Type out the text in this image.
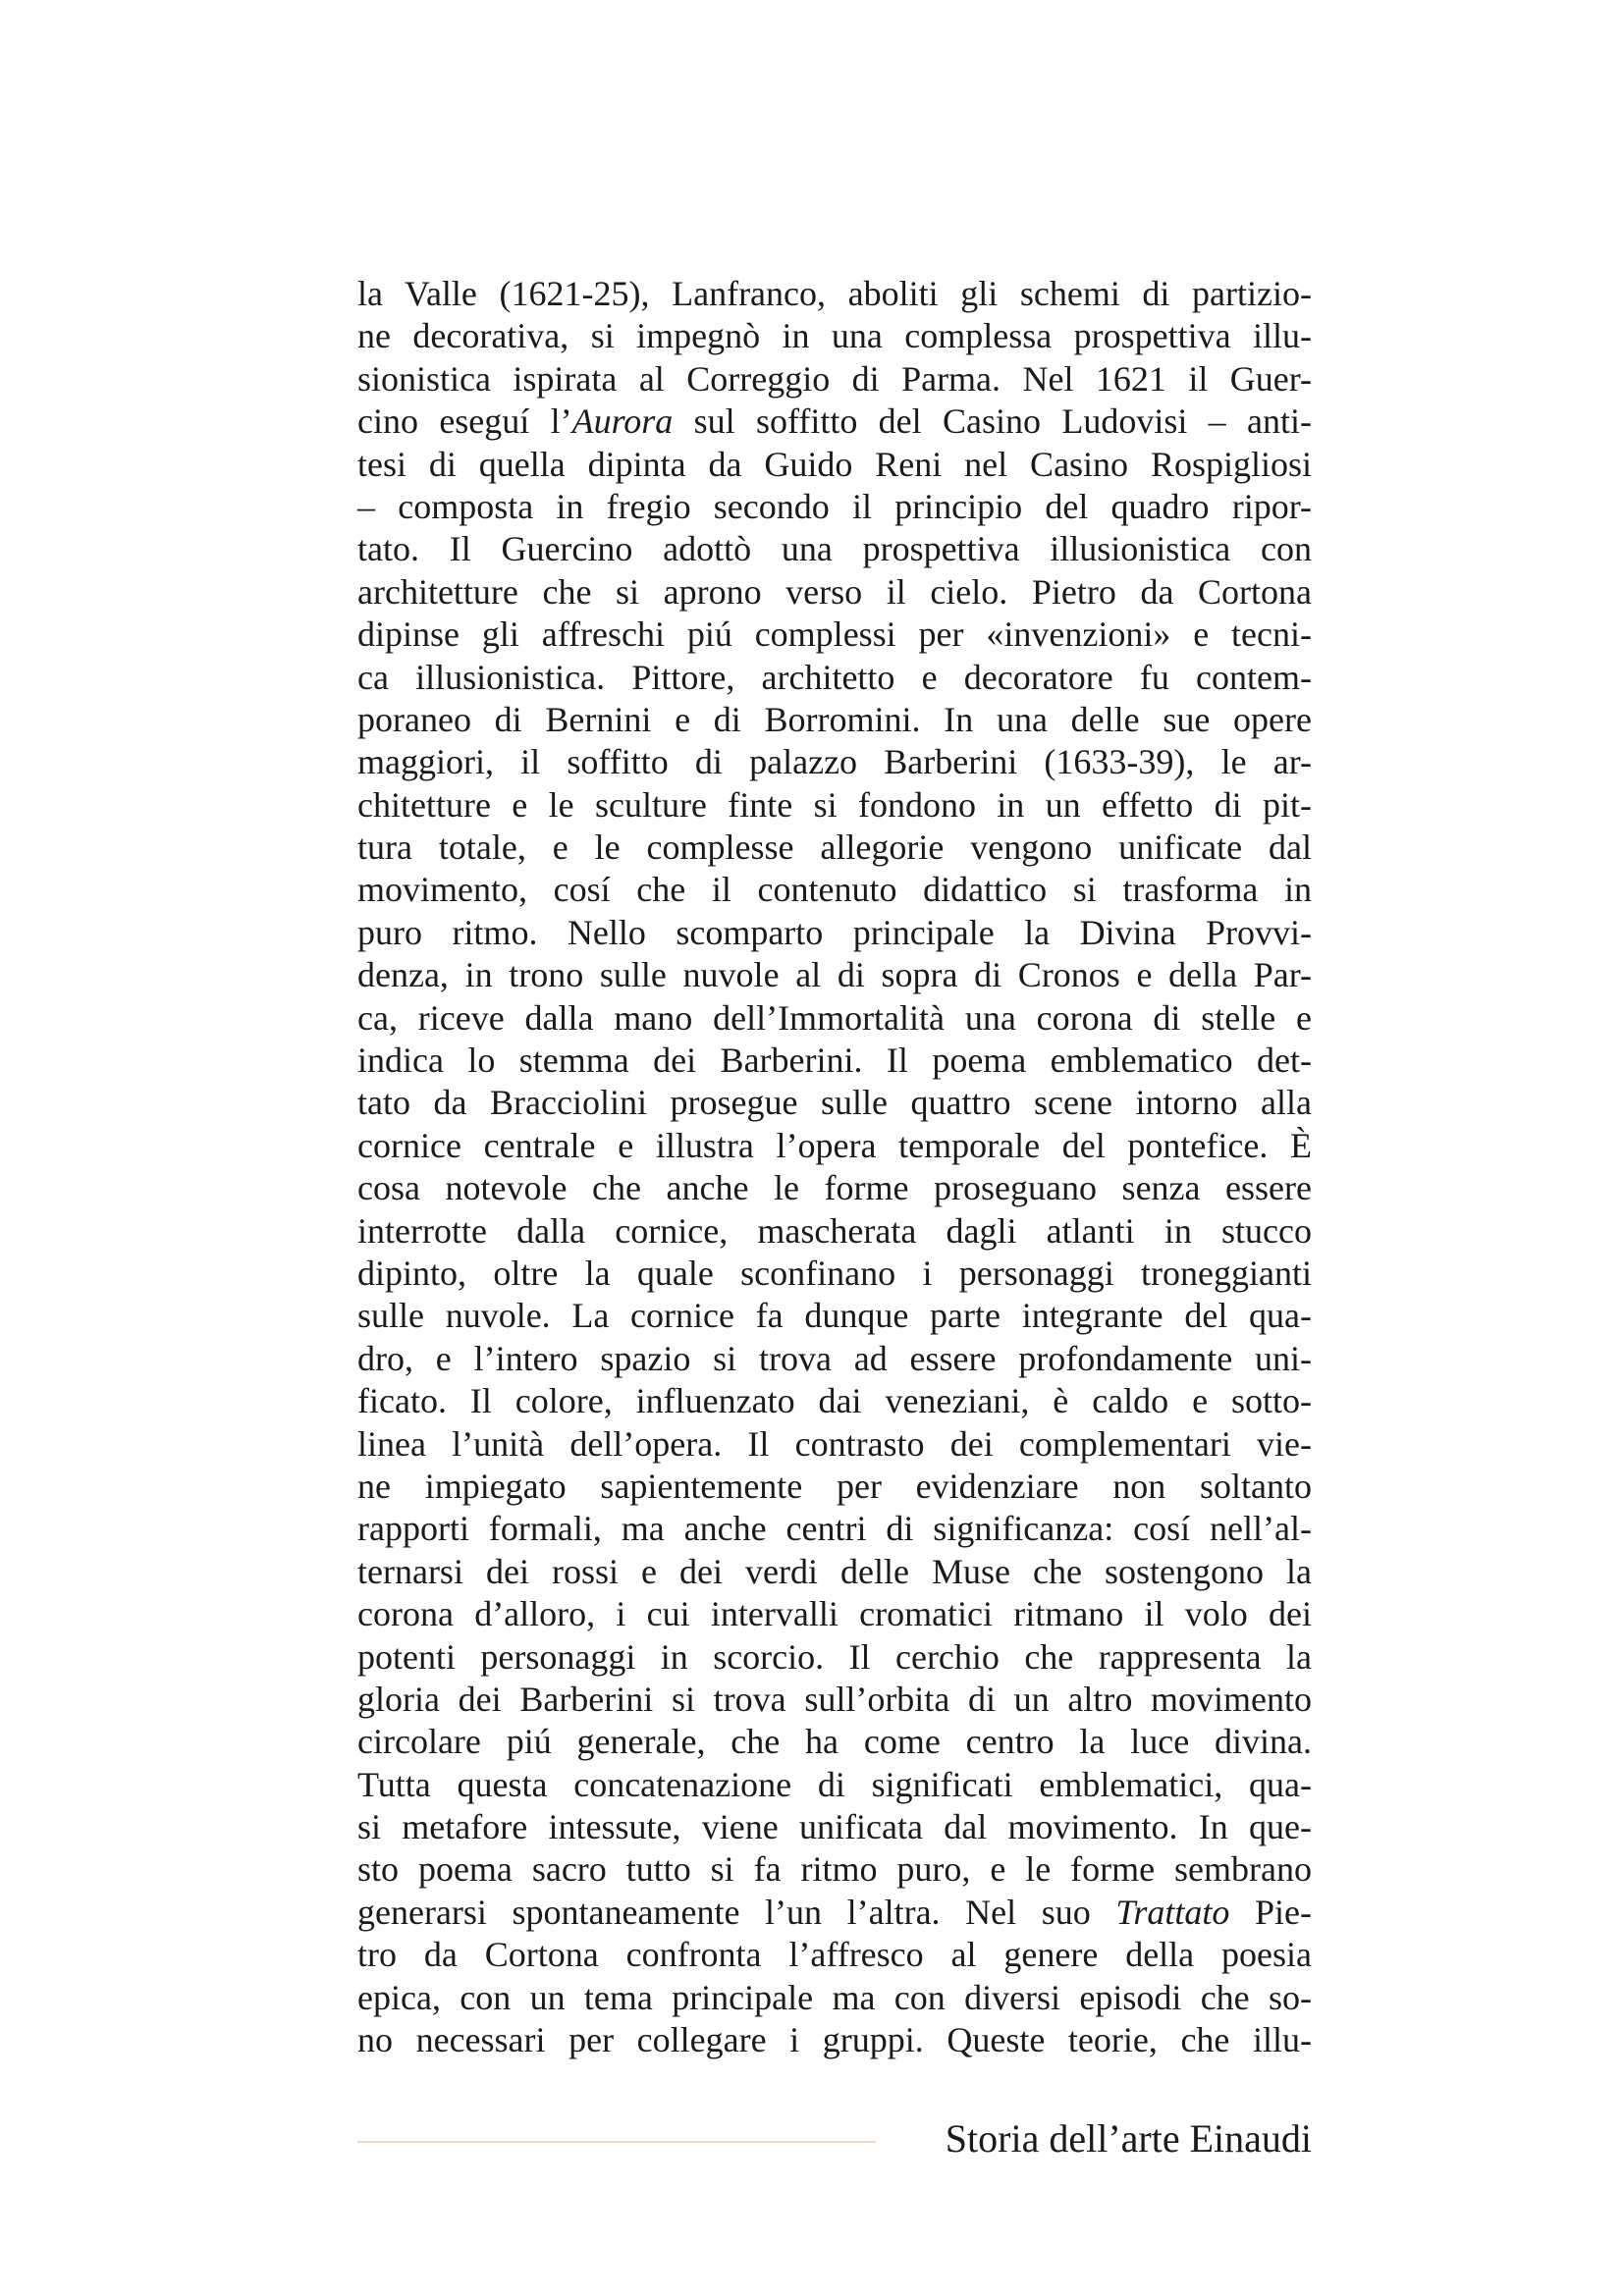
la Valle (1621-25), Lanfranco, aboliti gli schemi di partizio-
ne decorativa, si impegnò in una complessa prospettiva illu-
sionistica ispirata al Correggio di Parma. Nel 1621 il Guer-
cino eseguí l’Aurora sul soffitto del Casino Ludovisi – anti-
tesi di quella dipinta da Guido Reni nel Casino Rospigliosi
– composta in fregio secondo il principio del quadro ripor-
tato. Il Guercino adottò una prospettiva illusionistica con
architetture che si aprono verso il cielo. Pietro da Cortona
dipinse gli affreschi piú complessi per «invenzioni» e tecni-
ca illusionistica. Pittore, architetto e decoratore fu contem-
poraneo di Bernini e di Borromini. In una delle sue opere
maggiori, il soffitto di palazzo Barberini (1633-39), le ar-
chitetture e le sculture finte si fondono in un effetto di pit-
tura totale, e le complesse allegorie vengono unificate dal
movimento, cosí che il contenuto didattico si trasforma in
puro ritmo. Nello scomparto principale la Divina Provvi-
denza, in trono sulle nuvole al di sopra di Cronos e della Par-
ca, riceve dalla mano dell’Immortalità una corona di stelle e
indica lo stemma dei Barberini. Il poema emblematico det-
tato da Bracciolini prosegue sulle quattro scene intorno alla
cornice centrale e illustra l’opera temporale del pontefice. È
cosa notevole che anche le forme proseguano senza essere
interrotte dalla cornice, mascherata dagli atlanti in stucco
dipinto, oltre la quale sconfinano i personaggi troneggianti
sulle nuvole. La cornice fa dunque parte integrante del qua-
dro, e l’intero spazio si trova ad essere profondamente uni-
ficato. Il colore, influenzato dai veneziani, è caldo e sotto-
linea l’unità dell’opera. Il contrasto dei complementari vie-
ne impiegato sapientemente per evidenziare non soltanto
rapporti formali, ma anche centri di significanza: cosí nell’al-
ternarsi dei rossi e dei verdi delle Muse che sostengono la
corona d’alloro, i cui intervalli cromatici ritmano il volo dei
potenti personaggi in scorcio. Il cerchio che rappresenta la
gloria dei Barberini si trova sull’orbita di un altro movimento
circolare piú generale, che ha come centro la luce divina.
Tutta questa concatenazione di significati emblematici, qua-
si metafore intessute, viene unificata dal movimento. In que-
sto poema sacro tutto si fa ritmo puro, e le forme sembrano
generarsi spontaneamente l’un l’altra. Nel suo Trattato Pie-
tro da Cortona confronta l’affresco al genere della poesia
epica, con un tema principale ma con diversi episodi che so-
no necessari per collegare i gruppi. Queste teorie, che illu-
Storia dell’arte Einaudi
